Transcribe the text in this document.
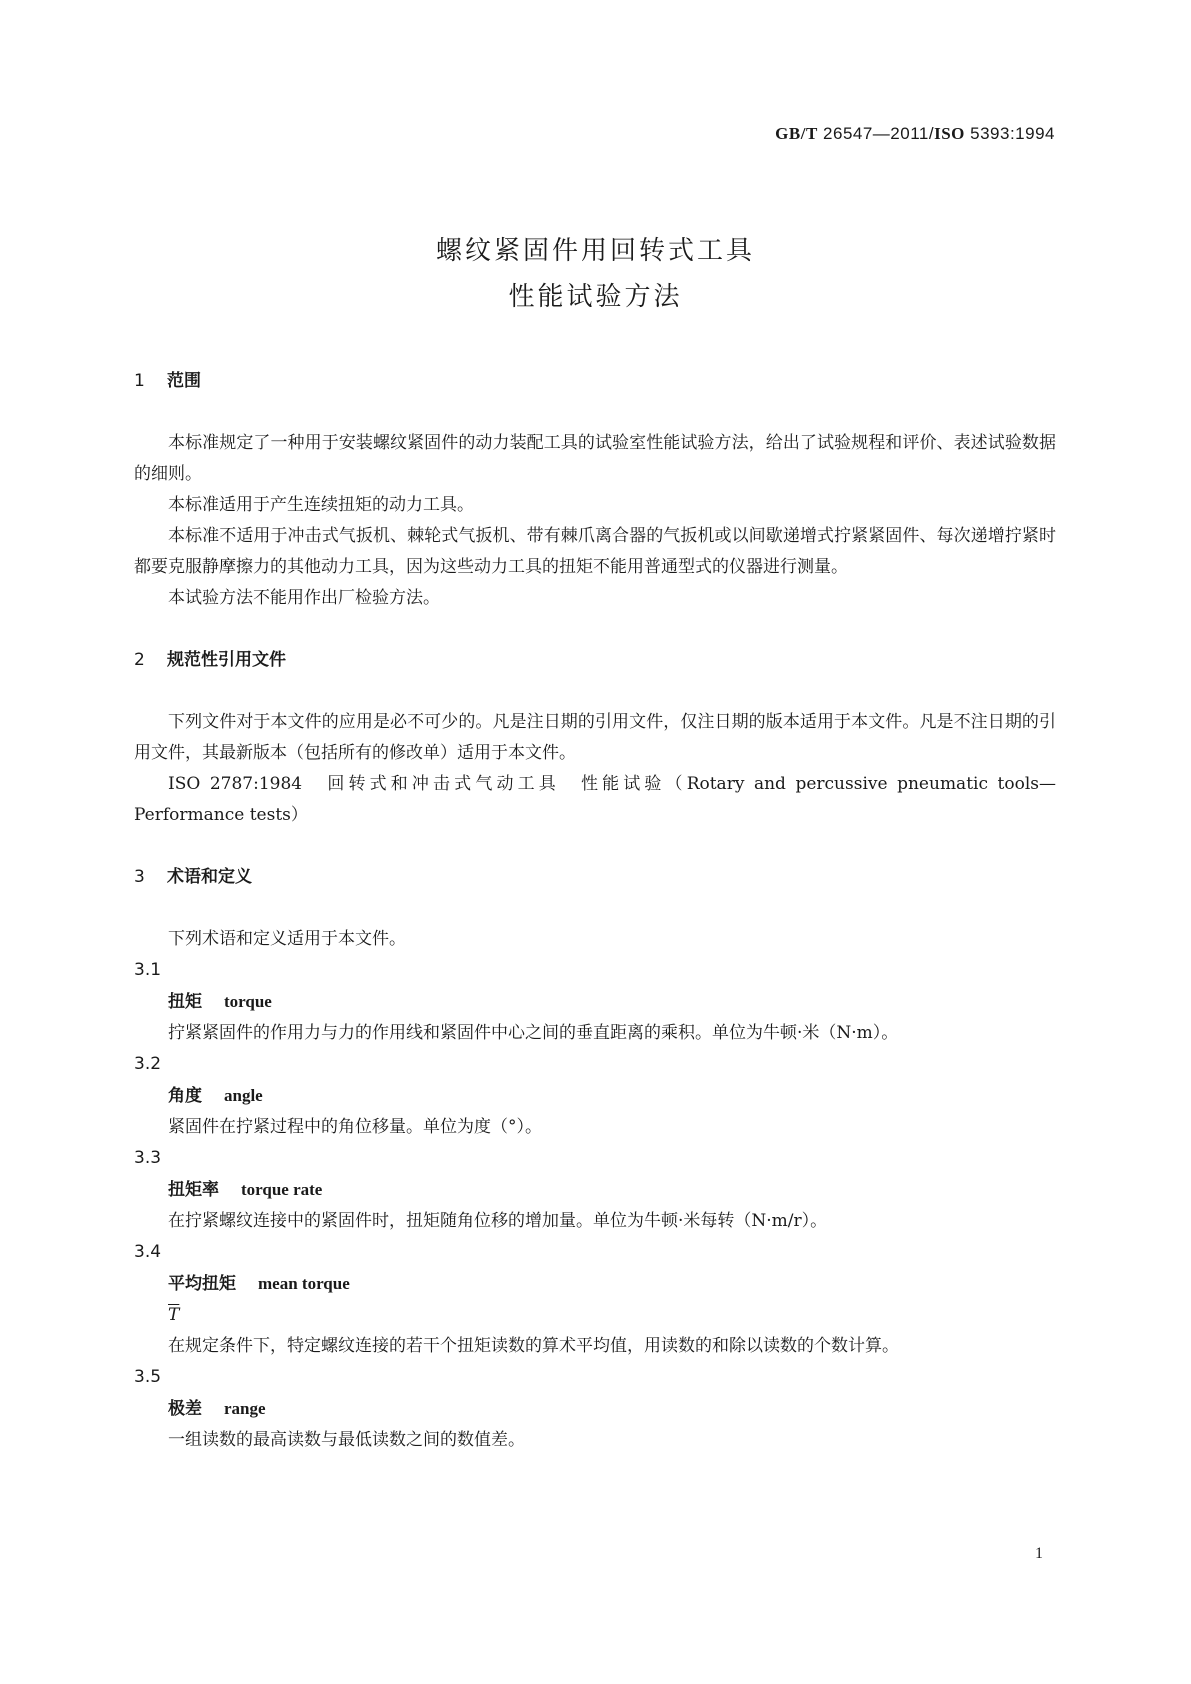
GB/T 26547—2011/ISO 5393:1994
螺纹紧固件用回转式工具
性能试验方法
1 范围

本标准规定了一种用于安装螺纹紧固件的动力装配工具的试验室性能试验方法，给出了试验规程和评价、表述试验数据的细则。

本标准适用于产生连续扭矩的动力工具。

本标准不适用于冲击式气扳机、棘轮式气扳机、带有棘爪离合器的气扳机或以间歇递增式拧紧紧固件、每次递增拧紧时都要克服静摩擦力的其他动力工具，因为这些动力工具的扭矩不能用普通型式的仪器进行测量。

本试验方法不能用作出厂检验方法。

2 规范性引用文件

下列文件对于本文件的应用是必不可少的。凡是注日期的引用文件，仅注日期的版本适用于本文件。凡是不注日期的引用文件，其最新版本（包括所有的修改单）适用于本文件。

ISO 2787:1984　回转式和冲击式气动工具　性能试验（Rotary and percussive pneumatic tools—Performance tests）

3 术语和定义

下列术语和定义适用于本文件。

3.1

扭矩 torque

拧紧紧固件的作用力与力的作用线和紧固件中心之间的垂直距离的乘积。单位为牛顿·米（N·m）。

3.2

角度 angle

紧固件在拧紧过程中的角位移量。单位为度（°）。

3.3

扭矩率 torque rate

在拧紧螺纹连接中的紧固件时，扭矩随角位移的增加量。单位为牛顿·米每转（N·m/r）。

3.4

平均扭矩 mean torque

$\overline{T}$

在规定条件下，特定螺纹连接的若干个扭矩读数的算术平均值，用读数的和除以读数的个数计算。

3.5

极差 range

一组读数的最高读数与最低读数之间的数值差。

1
